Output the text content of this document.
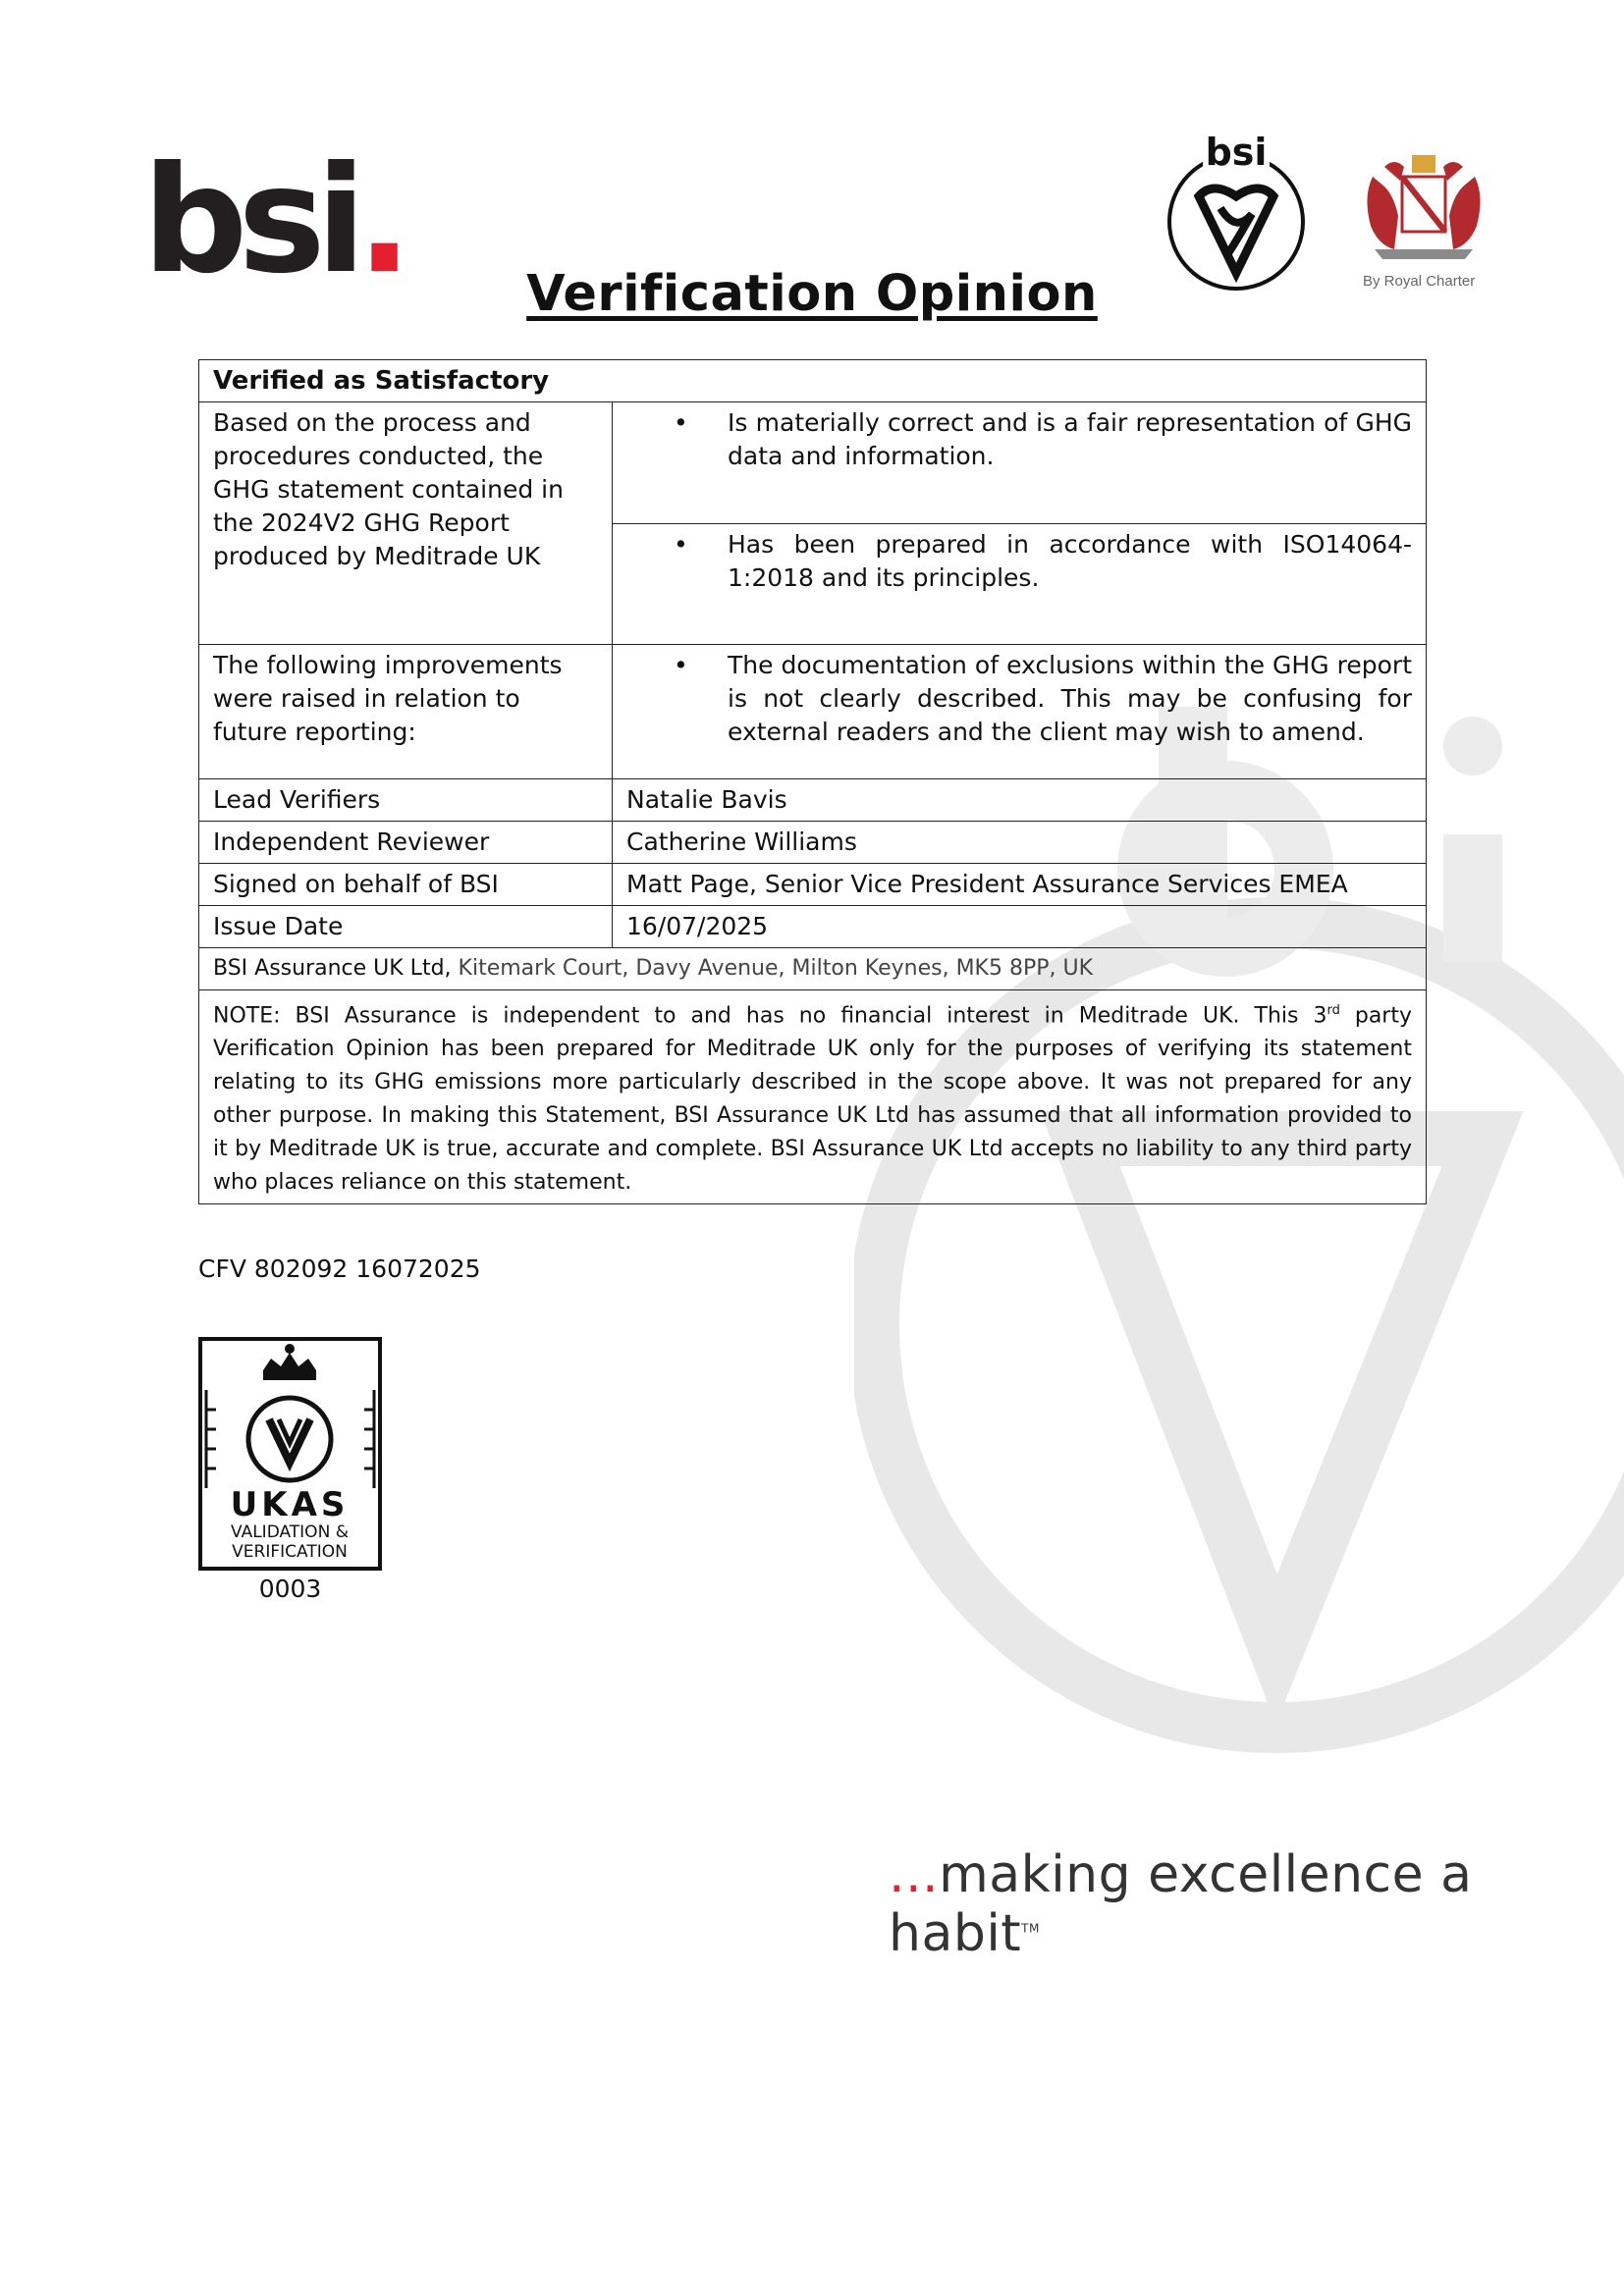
bsi.	bsi
By Royal Charter
Verification Opinion
Verified as Satisfactory	
Based on the process and procedures conducted, the GHG statement contained in the 2024V2 GHG Report produced by Meditrade UK	• Is materially correct and is a fair representation of GHG data and information.

	• Has been prepared in accordance with ISO14064-1:2018 and its principles.

The following improvements were raised in relation to future reporting:	• The documentation of exclusions within the GHG report is not clearly described. This may be confusing for external readers and the client may wish to amend.

Lead Verifiers	Natalie Bavis
Independent Reviewer	Catherine Williams
Signed on behalf of BSI	Matt Page, Senior Vice President Assurance Services EMEA
Issue Date	16/07/2025
BSI Assurance UK Ltd, Kitemark Court, Davy Avenue, Milton Keynes, MK5 8PP, UK	
NOTE: BSI Assurance is independent to and has no financial interest in Meditrade UK. This 3rd party Verification Opinion has been prepared for Meditrade UK only for the purposes of verifying its statement relating to its GHG emissions more particularly described in the scope above. It was not prepared for any other purpose. In making this Statement, BSI Assurance UK Ltd has assumed that all information provided to it by Meditrade UK is true, accurate and complete. BSI Assurance UK Ltd accepts no liability to any third party who places reliance on this statement.	
CFV 802092 16072025
UKAS
VALIDATION &
VERIFICATION
0003
...making excellence a habit™
